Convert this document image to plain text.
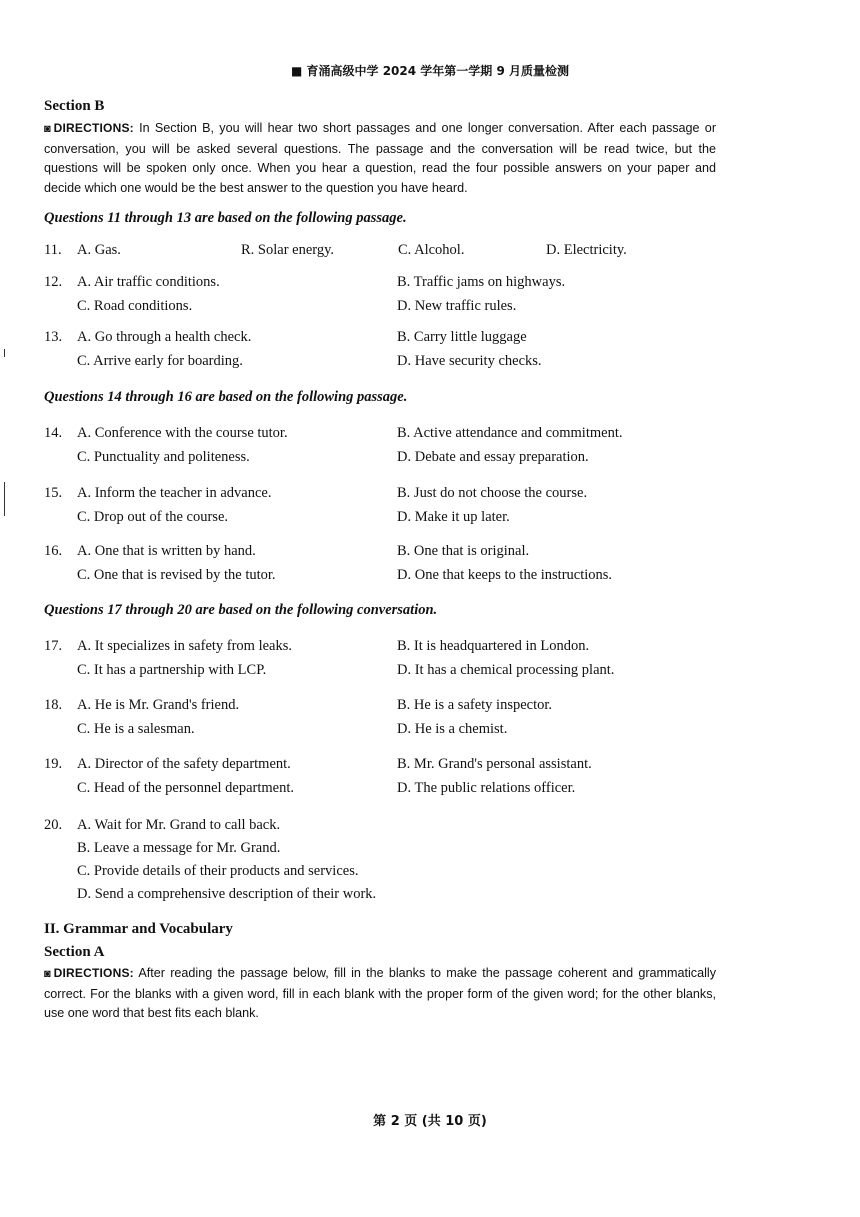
■ 育涌高级中学 2024 学年第一学期 9 月质量检测
Section B
◙ DIRECTIONS: In Section B, you will hear two short passages and one longer conversation. After each passage or conversation, you will be asked several questions. The passage and the conversation will be read twice, but the questions will be spoken only once. When you hear a question, read the four possible answers on your paper and decide which one would be the best answer to the question you have heard.
Questions 11 through 13 are based on the following passage.
11. A. Gas.	R. Solar energy.	C. Alcohol.	D. Electricity.
12. A. Air traffic conditions.	B. Traffic jams on highways.
C. Road conditions.	D. New traffic rules.
13. A. Go through a health check.	B. Carry little luggage
C. Arrive early for boarding.	D. Have security checks.
Questions 14 through 16 are based on the following passage.
14. A. Conference with the course tutor.	B. Active attendance and commitment.
C. Punctuality and politeness.	D. Debate and essay preparation.
15. A. Inform the teacher in advance.	B. Just do not choose the course.
C. Drop out of the course.	D. Make it up later.
16. A. One that is written by hand.	B. One that is original.
C. One that is revised by the tutor.	D. One that keeps to the instructions.
Questions 17 through 20 are based on the following conversation.
17. A. It specializes in safety from leaks.	B. It is headquartered in London.
C. It has a partnership with LCP.	D. It has a chemical processing plant.
18. A. He is Mr. Grand's friend.	B. He is a safety inspector.
C. He is a salesman.	D. He is a chemist.
19. A. Director of the safety department.	B. Mr. Grand's personal assistant.
C. Head of the personnel department.	D. The public relations officer.
20. A. Wait for Mr. Grand to call back.
B. Leave a message for Mr. Grand.
C. Provide details of their products and services.
D. Send a comprehensive description of their work.
II. Grammar and Vocabulary
Section A
◙ DIRECTIONS: After reading the passage below, fill in the blanks to make the passage coherent and grammatically correct. For the blanks with a given word, fill in each blank with the proper form of the given word; for the other blanks, use one word that best fits each blank.
第 2 页 (共 10 页)
